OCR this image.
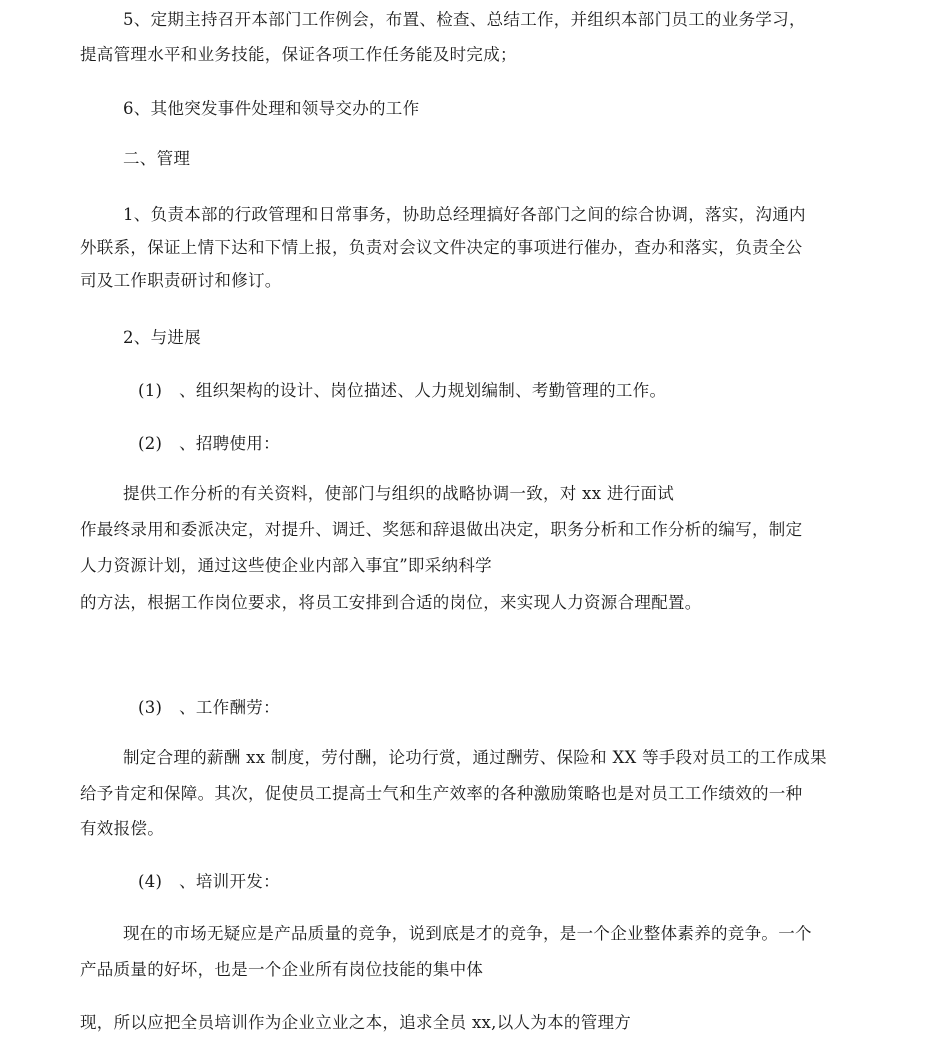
5、定期主持召开本部门工作例会，布置、检查、总结工作，并组织本部门员工的业务学习，
提高管理水平和业务技能，保证各项工作任务能及时完成；
6、其他突发事件处理和领导交办的工作
二、管理
1、负责本部的行政管理和日常事务，协助总经理搞好各部门之间的综合协调，落实，沟通内
外联系，保证上情下达和下情上报，负责对会议文件决定的事项进行催办，查办和落实，负责全公
司及工作职责研讨和修订。
2、与进展
(1)　、组织架构的设计、岗位描述、人力规划编制、考勤管理的工作。
(2)　、招聘使用：
提供工作分析的有关资料，使部门与组织的战略协调一致，对 xx 进行面试
作最终录用和委派决定，对提升、调迁、奖惩和辞退做出决定，职务分析和工作分析的编写，制定
人力资源计划，通过这些使企业内部入事宜”即采纳科学
的方法，根据工作岗位要求，将员工安排到合适的岗位，来实现人力资源合理配置。
(3)　、工作酬劳：
制定合理的薪酬 xx 制度，劳付酬，论功行赏，通过酬劳、保险和 XX 等手段对员工的工作成果
给予肯定和保障。其次，促使员工提高士气和生产效率的各种激励策略也是对员工工作绩效的一种
有效报偿。
(4)　、培训开发：
现在的市场无疑应是产品质量的竞争，说到底是才的竞争，是一个企业整体素养的竞争。一个
产品质量的好坏，也是一个企业所有岗位技能的集中体
现，所以应把全员培训作为企业立业之本，追求全员 xx,以人为本的管理方
